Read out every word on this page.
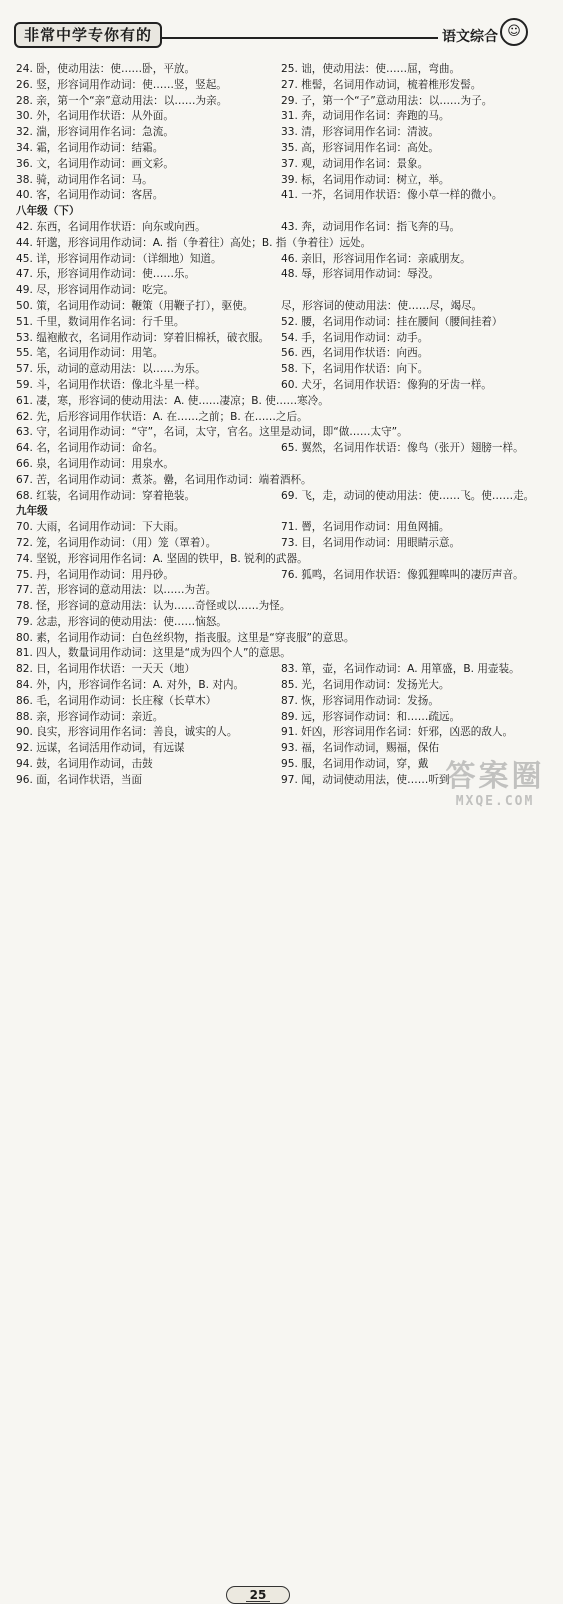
非常中学专你有的	语文综合 ☺
24. 卧，使动用法：使……卧，平放。	25. 诎，使动用法：使……屈，弯曲。
26. 竖，形容词用作动词：使……竖，竖起。	27. 椎髻，名词用作动词，梳着椎形发髻。
28. 亲，第一个“亲”意动用法：以……为亲。	29. 子，第一个“子”意动用法：以……为子。
30. 外，名词用作状语：从外面。	31. 奔，动词用作名词：奔跑的马。
32. 湍，形容词用作名词：急流。	33. 清，形容词用作名词：清波。
34. 霜，名词用作动词：结霜。	35. 高，形容词用作名词：高处。
36. 文，名词用作动词：画文彩。	37. 观，动词用作名词：景象。
38. 骑，动词用作名词：马。	39. 标，名词用作动词：树立，举。
40. 客，名词用作动词：客居。	41. 一芥，名词用作状语：像小草一样的微小。
八年级（下）
42. 东西，名词用作状语：向东或向西。	43. 奔，动词用作名词：指飞奔的马。
44. 轩邈，形容词用作动词：A. 指（争着往）高处；B. 指（争着往）远处。
45. 详，形容词用作动词：（详细地）知道。	46. 亲旧，形容词用作名词：亲戚朋友。
47. 乐，形容词用作动词：使……乐。	48. 辱，形容词用作动词：辱没。
49. 尽，形容词用作动词：吃完。
50. 策，名词用作动词：鞭策（用鞭子打），驱使。	尽，形容词的使动用法：使……尽，竭尽。
51. 千里，数词用作名词：行千里。	52. 腰，名词用作动词：挂在腰间（腰间挂着）
53. 缊袍敝衣，名词用作动词：穿着旧棉袄，破衣服。	54. 手，名词用作动词：动手。
55. 笔，名词用作动词：用笔。	56. 西，名词用作状语：向西。
57. 乐，动词的意动用法：以……为乐。	58. 下，名词用作状语：向下。
59. 斗，名词用作状语：像北斗星一样。	60. 犬牙，名词用作状语：像狗的牙齿一样。
61. 凄，寒，形容词的使动用法：A. 使……凄凉；B. 使……寒冷。
62. 先，后形容词用作状语：A. 在……之前；B. 在……之后。
63. 守，名词用作动词：“守”，名词，太守，官名。这里是动词，即“做……太守”。
64. 名，名词用作动词：命名。	65. 翼然，名词用作状语：像鸟（张开）翅膀一样。
66. 泉，名词用作动词：用泉水。
67. 苦，名词用作动词：煮茶。罍，名词用作动词：端着酒杯。
68. 红装，名词用作动词：穿着艳装。	69. 飞，走，动词的使动用法：使……飞。使……走。
九年级
70. 大雨，名词用作动词：下大雨。	71. 罾，名词用作动词：用鱼网捕。
72. 笼，名词用作动词：（用）笼（罩着）。	73. 目，名词用作动词：用眼睛示意。
74. 坚锐，形容词用作名词：A. 坚固的铁甲，B. 锐利的武器。
75. 丹，名词用作动词：用丹砂。	76. 狐鸣，名词用作状语：像狐狸嗥叫的凄厉声音。
77. 苦，形容词的意动用法：以……为苦。
78. 怪，形容词的意动用法：认为……奇怪或以……为怪。
79. 忿恚，形容词的使动用法：使……恼怒。
80. 素，名词用作动词：白色丝织物，指丧服。这里是“穿丧服”的意思。
81. 四人，数量词用作动词：这里是“成为四个人”的意思。
82. 日，名词用作状语：一天天（地）	83. 箪，壶，名词作动词：A. 用箪盛，B. 用壶装。
84. 外，内，形容词作名词：A. 对外，B. 对内。	85. 光，名词用作动词：发扬光大。
86. 毛，名词用作动词：长庄稼（长草木）	87. 恢，形容词用作动词：发扬。
88. 亲，形容词作动词：亲近。	89. 远，形容词作动词：和……疏远。
90. 良实，形容词用作名词：善良，诚实的人。	91. 奸凶，形容词用作名词：奸邪，凶恶的敌人。
92. 远谋，名词活用作动词，有远谋	93. 福，名词作动词，赐福，保佑
94. 鼓，名词用作动词，击鼓	95. 服，名词用作动词，穿，戴
96. 面，名词作状语，当面	97. 闻，动词使动用法，使……听到
25
答案圈
MXQE.COM
